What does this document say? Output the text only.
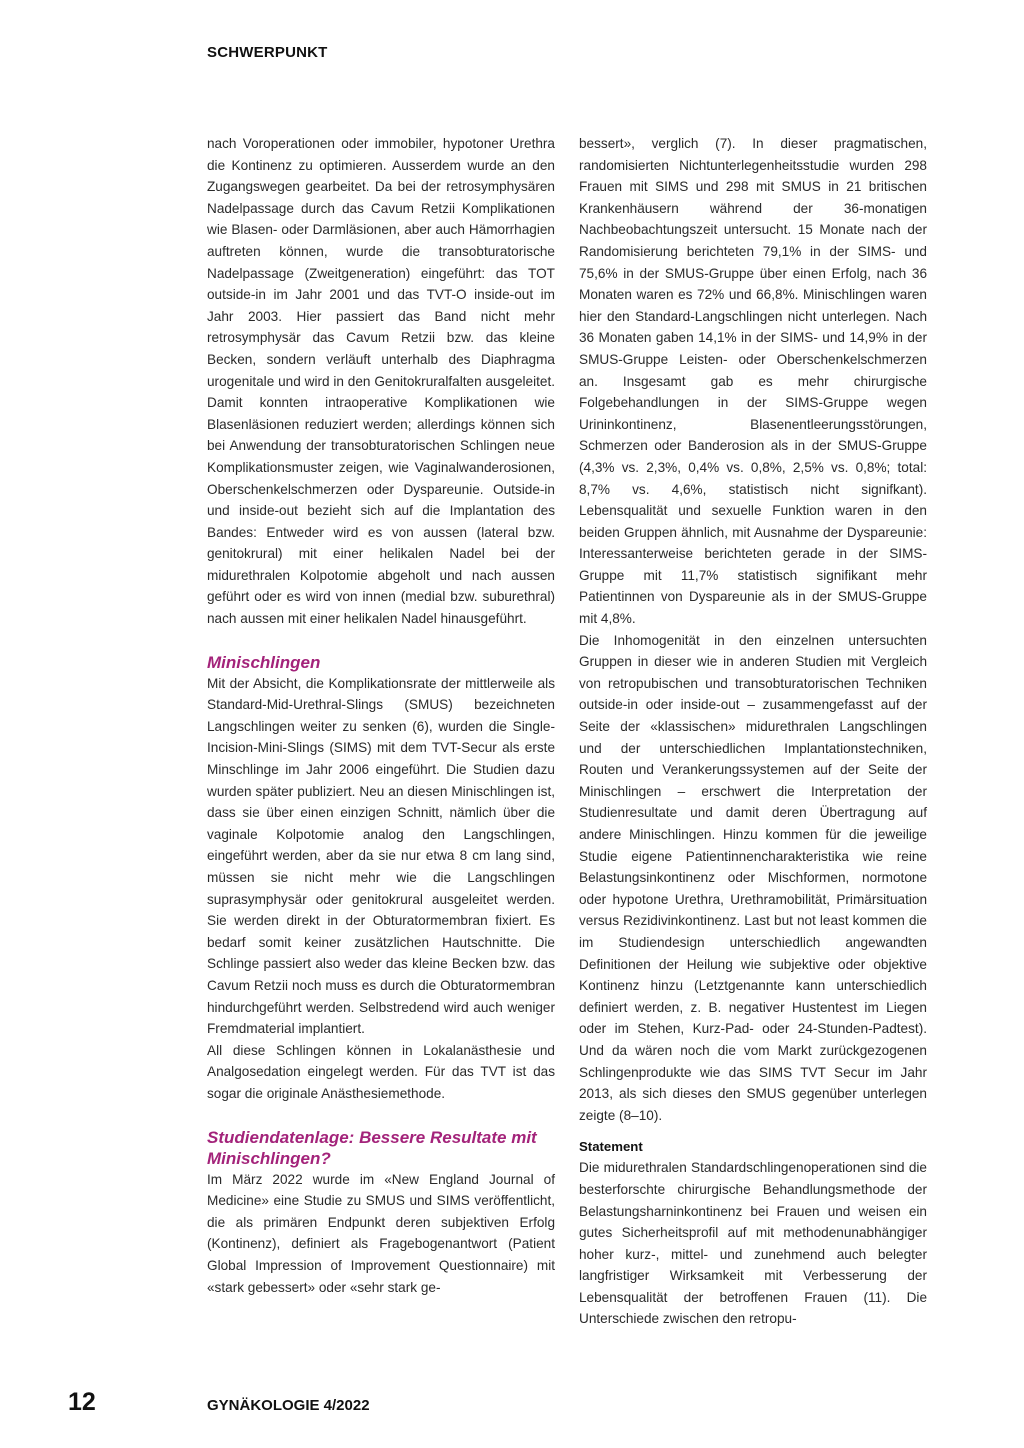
SCHWERPUNKT

nach Voroperationen oder immobiler, hypotoner Urethra die Kontinenz zu optimieren. Ausserdem wurde an den Zugangswegen gearbeitet. Da bei der retrosymphysären Nadelpassage durch das Cavum Retzii Komplikationen wie Blasen- oder Darmläsionen, aber auch Hämorrhagien auftreten können, wurde die transobturatorische Nadelpassage (Zweitgeneration) eingeführt: das TOT outside-in im Jahr 2001 und das TVT-O inside-out im Jahr 2003. Hier passiert das Band nicht mehr retrosymphysär das Cavum Retzii bzw. das kleine Becken, sondern verläuft unterhalb des Diaphragma urogenitale und wird in den Genitokruralfalten ausgeleitet. Damit konnten intraoperative Komplikationen wie Blasenläsionen reduziert werden; allerdings können sich bei Anwendung der transobturatorischen Schlingen neue Komplikationsmuster zeigen, wie Vaginalwanderosionen, Oberschenkelschmerzen oder Dyspareunie. Outside-in und inside-out bezieht sich auf die Implantation des Bandes: Entweder wird es von aussen (lateral bzw. genitokrural) mit einer helikalen Nadel bei der midurethralen Kolpotomie abgeholt und nach aussen geführt oder es wird von innen (medial bzw. suburethral) nach aussen mit einer helikalen Nadel hinausgeführt.

Minischlingen

Mit der Absicht, die Komplikationsrate der mittlerweile als Standard-Mid-Urethral-Slings (SMUS) bezeichneten Langschlingen weiter zu senken (6), wurden die Single-Incision-Mini-Slings (SIMS) mit dem TVT-Secur als erste Minschlinge im Jahr 2006 eingeführt. Die Studien dazu wurden später publiziert. Neu an diesen Minischlingen ist, dass sie über einen einzigen Schnitt, nämlich über die vaginale Kolpotomie analog den Langschlingen, eingeführt werden, aber da sie nur etwa 8 cm lang sind, müssen sie nicht mehr wie die Langschlingen suprasymphysär oder genitokrural ausgeleitet werden. Sie werden direkt in der Obturatormembran fixiert. Es bedarf somit keiner zusätzlichen Hautschnitte. Die Schlinge passiert also weder das kleine Becken bzw. das Cavum Retzii noch muss es durch die Obturatormembran hindurchgeführt werden. Selbstredend wird auch weniger Fremdmaterial implantiert.

All diese Schlingen können in Lokalanästhesie und Analgosedation eingelegt werden. Für das TVT ist das sogar die originale Anästhesiemethode.

Studiendatenlage: Bessere Resultate mit Minischlingen?

Im März 2022 wurde im «New England Journal of Medicine» eine Studie zu SMUS und SIMS veröffentlicht, die als primären Endpunkt deren subjektiven Erfolg (Kontinenz), definiert als Fragebogenantwort (Patient Global Impression of Improvement Questionnaire) mit «stark gebessert» oder «sehr stark ge-

bessert», verglich (7). In dieser pragmatischen, randomisierten Nichtunterlegenheitsstudie wurden 298 Frauen mit SIMS und 298 mit SMUS in 21 britischen Krankenhäusern während der 36-monatigen Nachbeobachtungszeit untersucht. 15 Monate nach der Randomisierung berichteten 79,1% in der SIMS- und 75,6% in der SMUS-Gruppe über einen Erfolg, nach 36 Monaten waren es 72% und 66,8%. Minischlingen waren hier den Standard-Langschlingen nicht unterlegen. Nach 36 Monaten gaben 14,1% in der SIMS- und 14,9% in der SMUS-Gruppe Leisten- oder Oberschenkelschmerzen an. Insgesamt gab es mehr chirurgische Folgebehandlungen in der SIMS-Gruppe wegen Urininkontinenz, Blasenentleerungsstörungen, Schmerzen oder Banderosion als in der SMUS-Gruppe (4,3% vs. 2,3%, 0,4% vs. 0,8%, 2,5% vs. 0,8%; total: 8,7% vs. 4,6%, statistisch nicht signifkant). Lebensqualität und sexuelle Funktion waren in den beiden Gruppen ähnlich, mit Ausnahme der Dyspareunie: Interessanterweise berichteten gerade in der SIMS-Gruppe mit 11,7% statistisch signifikant mehr Patientinnen von Dyspareunie als in der SMUS-Gruppe mit 4,8%.

Die Inhomogenität in den einzelnen untersuchten Gruppen in dieser wie in anderen Studien mit Vergleich von retropubischen und transobturatorischen Techniken outside-in oder inside-out – zusammengefasst auf der Seite der «klassischen» midurethralen Langschlingen und der unterschiedlichen Implantationstechniken, Routen und Verankerungssystemen auf der Seite der Minischlingen – erschwert die Interpretation der Studienresultate und damit deren Übertragung auf andere Minischlingen. Hinzu kommen für die jeweilige Studie eigene Patientinnencharakteristika wie reine Belastungsinkontinenz oder Mischformen, normotone oder hypotone Urethra, Urethramobilität, Primärsituation versus Rezidivinkontinenz. Last but not least kommen die im Studiendesign unterschiedlich angewandten Definitionen der Heilung wie subjektive oder objektive Kontinenz hinzu (Letztgenannte kann unterschiedlich definiert werden, z. B. negativer Hustentest im Liegen oder im Stehen, Kurz-Pad- oder 24-Stunden-Padtest). Und da wären noch die vom Markt zurückgezogenen Schlingenprodukte wie das SIMS TVT Secur im Jahr 2013, als sich dieses den SMUS gegenüber unterlegen zeigte (8–10).

Statement

Die midurethralen Standardschlingenoperationen sind die besterforschte chirurgische Behandlungsmethode der Belastungsharninkontinenz bei Frauen und weisen ein gutes Sicherheitsprofil auf mit methodenunabhängiger hoher kurz-, mittel- und zunehmend auch belegter langfristiger Wirksamkeit mit Verbesserung der Lebensqualität der betroffenen Frauen (11). Die Unterschiede zwischen den retropu-

12	GYNÄKOLOGIE 4/2022
